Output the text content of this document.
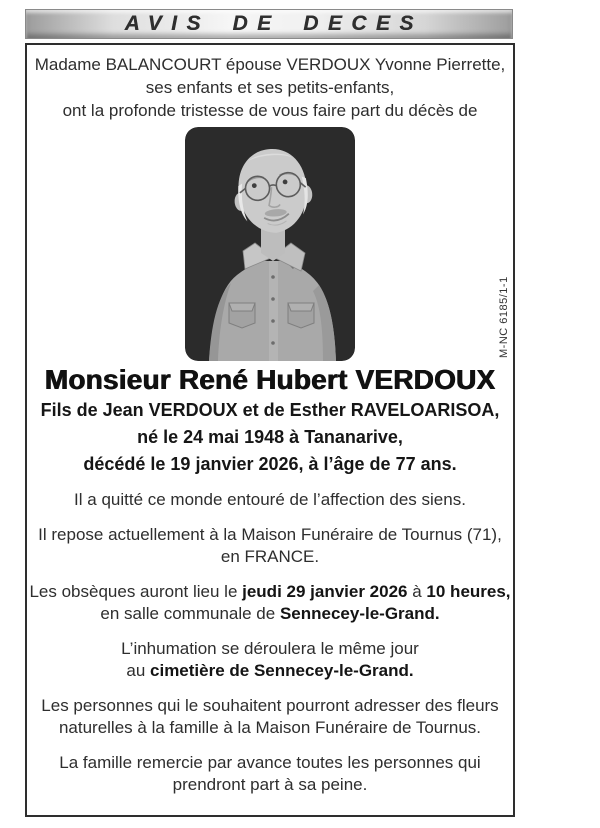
AVIS DE DECES
M-NC 6185/1-1
Madame BALANCOURT épouse VERDOUX Yvonne Pierrette,
ses enfants et ses petits-enfants,
ont la profonde tristesse de vous faire part du décès de
Monsieur René Hubert VERDOUX
Fils de Jean VERDOUX et de Esther RAVELOARISOA,
né le 24 mai 1948 à Tananarive,
décédé le 19 janvier 2026, à l’âge de 77 ans.
Il a quitté ce monde entouré de l’affection des siens.
Il repose actuellement à la Maison Funéraire de Tournus (71),
en FRANCE.
Les obsèques auront lieu le jeudi 29 janvier 2026 à 10 heures,
en salle communale de Sennecey-le-Grand.
L’inhumation se déroulera le même jour
au cimetière de Sennecey-le-Grand.
Les personnes qui le souhaitent pourront adresser des fleurs
naturelles à la famille à la Maison Funéraire de Tournus.
La famille remercie par avance toutes les personnes qui
prendront part à sa peine.
